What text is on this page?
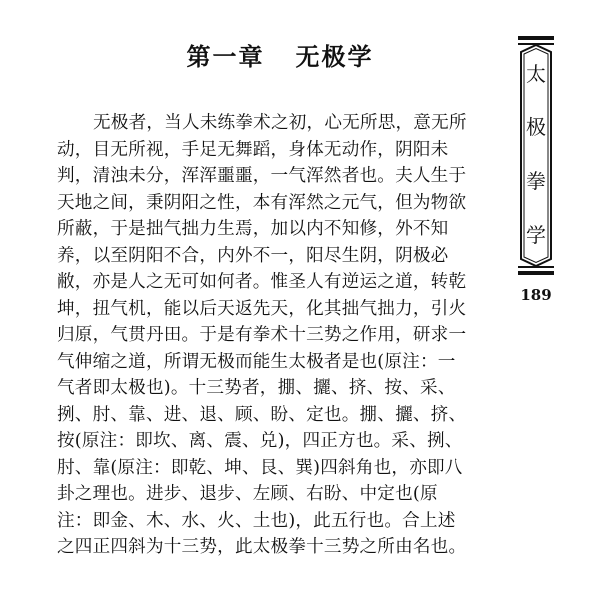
第一章   无极学
无极者，当人未练拳术之初，心无所思，意无所
动，目无所视，手足无舞蹈，身体无动作，阴阳未
判，清浊未分，浑浑噩噩，一气浑然者也。夫人生于
天地之间，秉阴阳之性，本有浑然之元气，但为物欲
所蔽，于是拙气拙力生焉，加以内不知修，外不知
养，以至阴阳不合，内外不一，阳尽生阴，阴极必
敝，亦是人之无可如何者。惟圣人有逆运之道，转乾
坤，扭气机，能以后天返先天，化其拙气拙力，引火
归原，气贯丹田。于是有拳术十三势之作用，研求一
气伸缩之道，所谓无极而能生太极者是也(原注：一
气者即太极也)。十三势者，掤、攦、挤、按、采、
挒、肘、靠、进、退、顾、盼、定也。掤、攦、挤、
按(原注：即坎、离、震、兑)，四正方也。采、挒、
肘、靠(原注：即乾、坤、艮、巽)四斜角也，亦即八
卦之理也。进步、退步、左顾、右盼、中定也(原
注：即金、木、水、火、土也)，此五行也。合上述
之四正四斜为十三势，此太极拳十三势之所由名也。
太
极
拳
学
189
